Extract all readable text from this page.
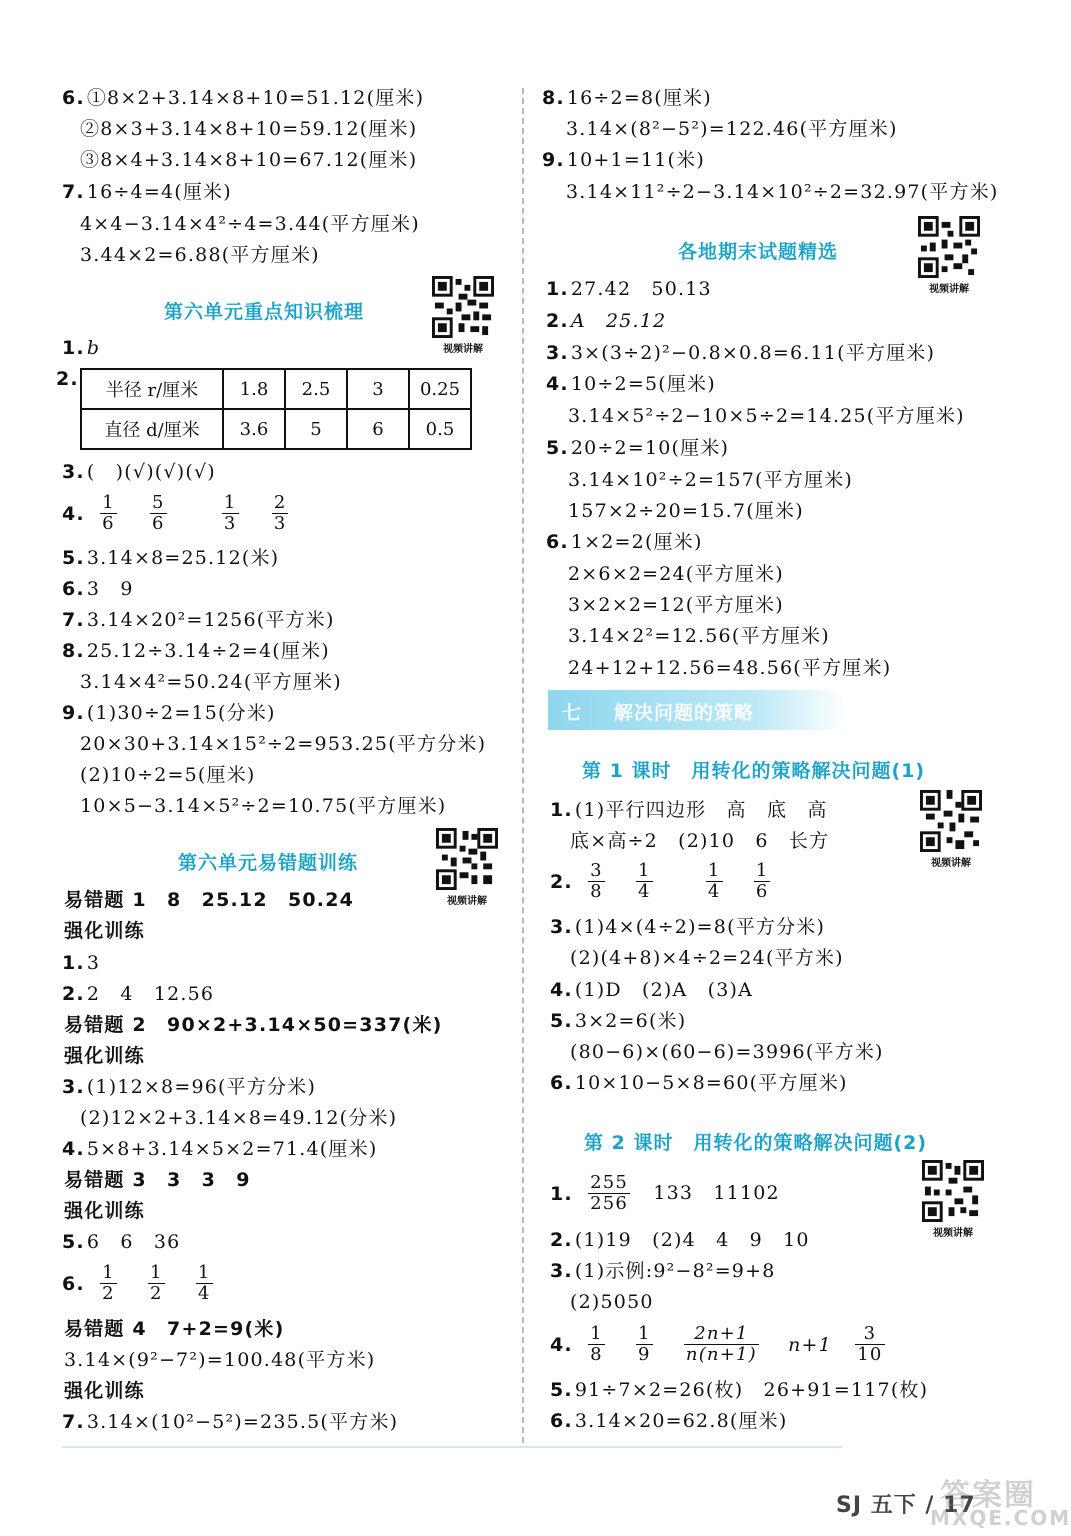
6. ①8×2+3.14×8+10=51.12(厘米)
②8×3+3.14×8+10=59.12(厘米)
③8×4+3.14×8+10=67.12(厘米)
7. 16÷4=4(厘米)
4×4−3.14×4²÷4=3.44(平方厘米)
3.44×2=6.88(平方厘米)
第六单元重点知识梳理
视频讲解
1. b
2.
半径 r/厘米	1.8	2.5	3	0.25
直径 d/厘米	3.6	5	6	0.5
3. (　)(√)(√)(√)
4. $\frac{1}{6}$
$\frac{5}{6}$
	$\frac{1}{3}$
$\frac{2}{3}$
5. 3.14×8=25.12(米)
6. 3　9
7. 3.14×20²=1256(平方米)
8. 25.12÷3.14÷2=4(厘米)
3.14×4²=50.24(平方厘米)
9. (1)30÷2=15(分米)
20×30+3.14×15²÷2=953.25(平方分米)
(2)10÷2=5(厘米)
10×5−3.14×5²÷2=10.75(平方厘米)
第六单元易错题训练
视频讲解
易错题 1　8　25.12　50.24
强化训练
1. 3
2. 2　4　12.56
易错题 2　90×2+3.14×50=337(米)
强化训练
3. (1)12×8=96(平方分米)
(2)12×2+3.14×8=49.12(分米)
4. 5×8+3.14×5×2=71.4(厘米)
易错题 3　3　3　9
强化训练
5. 6　6　36
6. $\frac{1}{2}$
$\frac{1}{2}$
$\frac{1}{4}$
易错题 4　7+2=9(米)
3.14×(9²−7²)=100.48(平方米)
强化训练
7. 3.14×(10²−5²)=235.5(平方米)
8. 16÷2=8(厘米)
3.14×(8²−5²)=122.46(平方厘米)
9. 10+1=11(米)
3.14×11²÷2−3.14×10²÷2=32.97(平方米)
各地期末试题精选
视频讲解
1. 27.42　50.13
2. A　25.12
3. 3×(3÷2)²−0.8×0.8=6.11(平方厘米)
4. 10÷2=5(厘米)
3.14×5²÷2−10×5÷2=14.25(平方厘米)
5. 20÷2=10(厘米)
3.14×10²÷2=157(平方厘米)
157×2÷20=15.7(厘米)
6. 1×2=2(厘米)
2×6×2=24(平方厘米)
3×2×2=12(平方厘米)
3.14×2²=12.56(平方厘米)
24+12+12.56=48.56(平方厘米)
七 解决问题的策略
第 1 课时　用转化的策略解决问题(1)
视频讲解
1. (1)平行四边形　高　底　高
底×高÷2　(2)10　6　长方
2. $\frac{3}{8}$
$\frac{1}{4}$
	$\frac{1}{4}$
$\frac{1}{6}$
3. (1)4×(4÷2)=8(平方分米)
(2)(4+8)×4÷2=24(平方米)
4. (1)D　(2)A　(3)A
5. 3×2=6(米)
(80−6)×(60−6)=3996(平方米)
6. 10×10−5×8=60(平方厘米)
第 2 课时　用转化的策略解决问题(2)
视频讲解
1. $\frac{255}{256} 133$　11102
2. (1)19　(2)4　4　9　10
3. (1)示例:9²−8²=9+8
(2)5050
4. $\frac{1}{8}$
$\frac{1}{9}$
$\frac{2n+1}{n(n+1)} n+1 \frac{3}{10}$
5. 91÷7×2=26(枚)　26+91=117(枚)
6. 3.14×20=62.8(厘米)
SJ 五下 / 17
答案圈
MXQE.COM
